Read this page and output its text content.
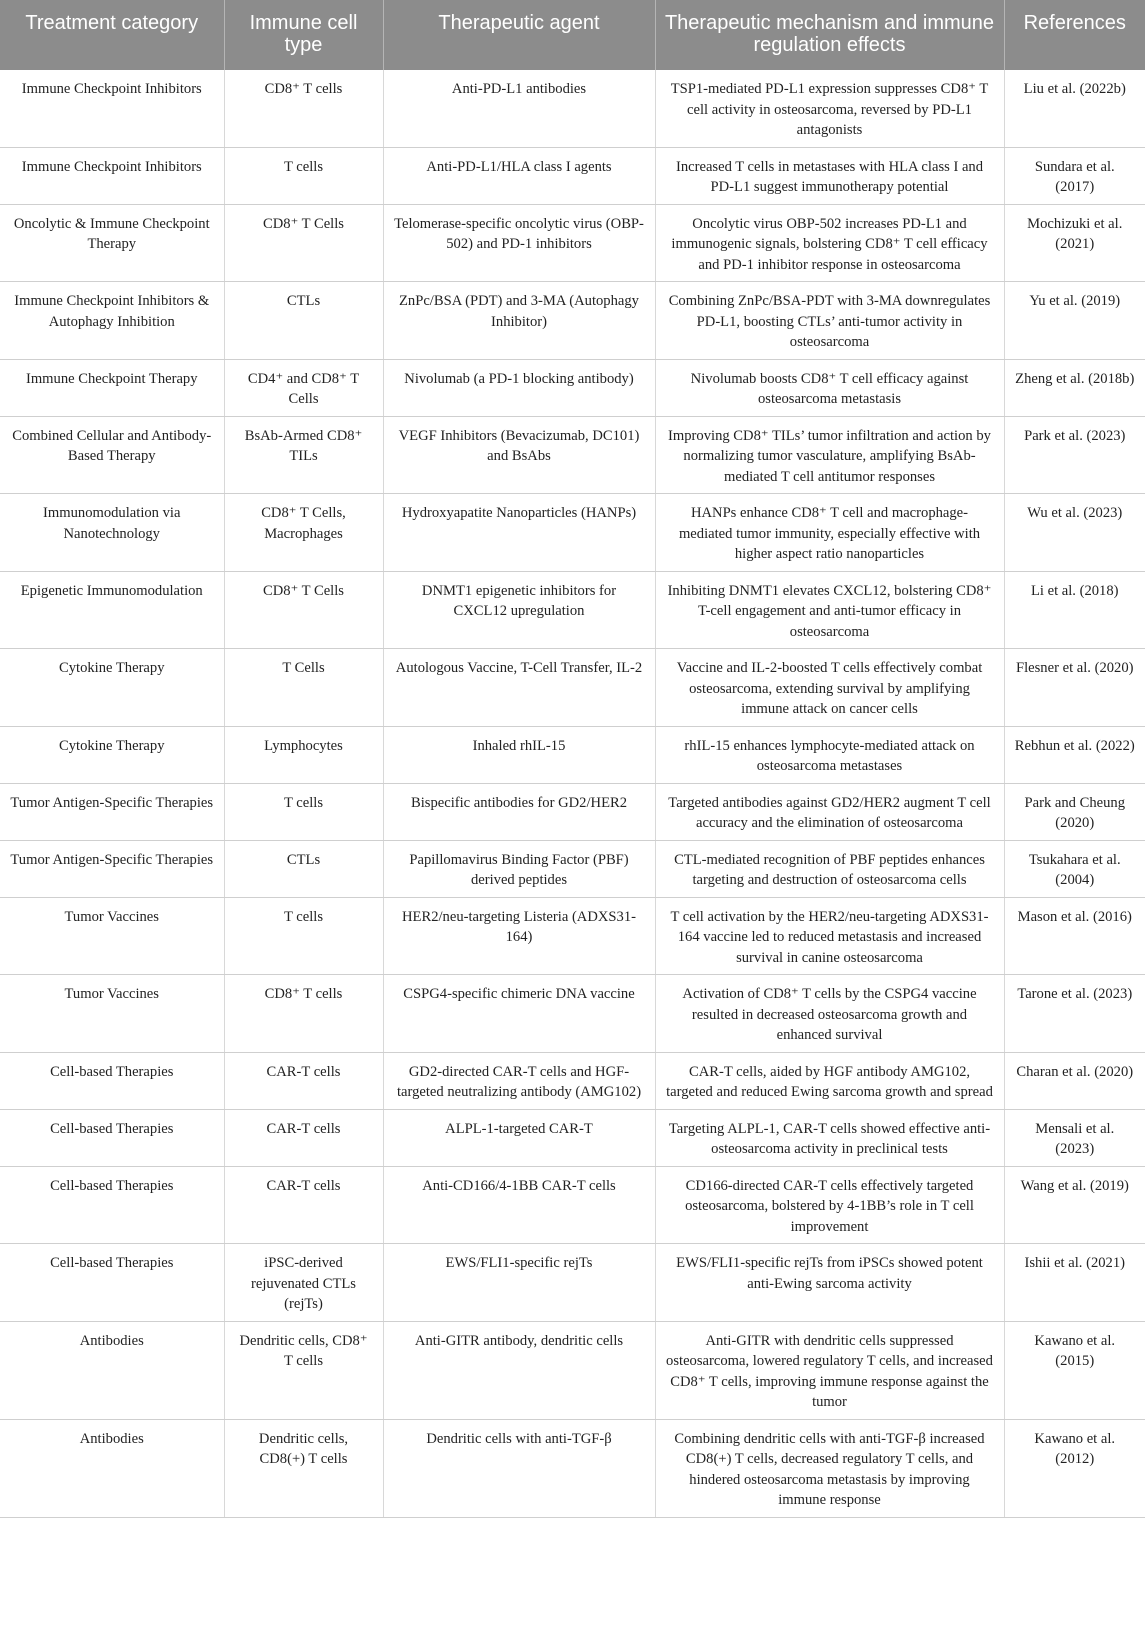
Treatment category	Immune cell type	Therapeutic agent	Therapeutic mechanism and immune regulation effects	References
Immune Checkpoint Inhibitors	CD8⁺ T cells	Anti-PD-L1 antibodies	TSP1-mediated PD-L1 expression suppresses CD8⁺ T cell activity in osteosarcoma, reversed by PD-L1 antagonists	Liu et al. (2022b)
Immune Checkpoint Inhibitors	T cells	Anti-PD-L1/HLA class I agents	Increased T cells in metastases with HLA class I and PD-L1 suggest immunotherapy potential	Sundara et al. (2017)
Oncolytic & Immune Checkpoint Therapy	CD8⁺ T Cells	Telomerase-specific oncolytic virus (OBP-502) and PD-1 inhibitors	Oncolytic virus OBP-502 increases PD-L1 and immunogenic signals, bolstering CD8⁺ T cell efficacy and PD-1 inhibitor response in osteosarcoma	Mochizuki et al. (2021)
Immune Checkpoint Inhibitors & Autophagy Inhibition	CTLs	ZnPc/BSA (PDT) and 3-MA (Autophagy Inhibitor)	Combining ZnPc/BSA-PDT with 3-MA downregulates PD-L1, boosting CTLs’ anti-tumor activity in osteosarcoma	Yu et al. (2019)
Immune Checkpoint Therapy	CD4⁺ and CD8⁺ T Cells	Nivolumab (a PD-1 blocking antibody)	Nivolumab boosts CD8⁺ T cell efficacy against osteosarcoma metastasis	Zheng et al. (2018b)
Combined Cellular and Antibody-Based Therapy	BsAb-Armed CD8⁺ TILs	VEGF Inhibitors (Bevacizumab, DC101) and BsAbs	Improving CD8⁺ TILs’ tumor infiltration and action by normalizing tumor vasculature, amplifying BsAb-mediated T cell antitumor responses	Park et al. (2023)
Immunomodulation via Nanotechnology	CD8⁺ T Cells, Macrophages	Hydroxyapatite Nanoparticles (HANPs)	HANPs enhance CD8⁺ T cell and macrophage-mediated tumor immunity, especially effective with higher aspect ratio nanoparticles	Wu et al. (2023)
Epigenetic Immunomodulation	CD8⁺ T Cells	DNMT1 epigenetic inhibitors for CXCL12 upregulation	Inhibiting DNMT1 elevates CXCL12, bolstering CD8⁺ T-cell engagement and anti-tumor efficacy in osteosarcoma	Li et al. (2018)
Cytokine Therapy	T Cells	Autologous Vaccine, T-Cell Transfer, IL-2	Vaccine and IL-2-boosted T cells effectively combat osteosarcoma, extending survival by amplifying immune attack on cancer cells	Flesner et al. (2020)
Cytokine Therapy	Lymphocytes	Inhaled rhIL-15	rhIL-15 enhances lymphocyte-mediated attack on osteosarcoma metastases	Rebhun et al. (2022)
Tumor Antigen-Specific Therapies	T cells	Bispecific antibodies for GD2/HER2	Targeted antibodies against GD2/HER2 augment T cell accuracy and the elimination of osteosarcoma	Park and Cheung (2020)
Tumor Antigen-Specific Therapies	CTLs	Papillomavirus Binding Factor (PBF) derived peptides	CTL-mediated recognition of PBF peptides enhances targeting and destruction of osteosarcoma cells	Tsukahara et al. (2004)
Tumor Vaccines	T cells	HER2/neu-targeting Listeria (ADXS31-164)	T cell activation by the HER2/neu-targeting ADXS31-164 vaccine led to reduced metastasis and increased survival in canine osteosarcoma	Mason et al. (2016)
Tumor Vaccines	CD8⁺ T cells	CSPG4-specific chimeric DNA vaccine	Activation of CD8⁺ T cells by the CSPG4 vaccine resulted in decreased osteosarcoma growth and enhanced survival	Tarone et al. (2023)
Cell-based Therapies	CAR-T cells	GD2-directed CAR-T cells and HGF-targeted neutralizing antibody (AMG102)	CAR-T cells, aided by HGF antibody AMG102, targeted and reduced Ewing sarcoma growth and spread	Charan et al. (2020)
Cell-based Therapies	CAR-T cells	ALPL-1-targeted CAR-T	Targeting ALPL-1, CAR-T cells showed effective anti-osteosarcoma activity in preclinical tests	Mensali et al. (2023)
Cell-based Therapies	CAR-T cells	Anti-CD166/4-1BB CAR-T cells	CD166-directed CAR-T cells effectively targeted osteosarcoma, bolstered by 4-1BB’s role in T cell improvement	Wang et al. (2019)
Cell-based Therapies	iPSC-derived rejuvenated CTLs (rejTs)	EWS/FLI1-specific rejTs	EWS/FLI1-specific rejTs from iPSCs showed potent anti-Ewing sarcoma activity	Ishii et al. (2021)
Antibodies	Dendritic cells, CD8⁺ T cells	Anti-GITR antibody, dendritic cells	Anti-GITR with dendritic cells suppressed osteosarcoma, lowered regulatory T cells, and increased CD8⁺ T cells, improving immune response against the tumor	Kawano et al. (2015)
Antibodies	Dendritic cells, CD8(+) T cells	Dendritic cells with anti-TGF-β	Combining dendritic cells with anti-TGF-β increased CD8(+) T cells, decreased regulatory T cells, and hindered osteosarcoma metastasis by improving immune response	Kawano et al. (2012)
